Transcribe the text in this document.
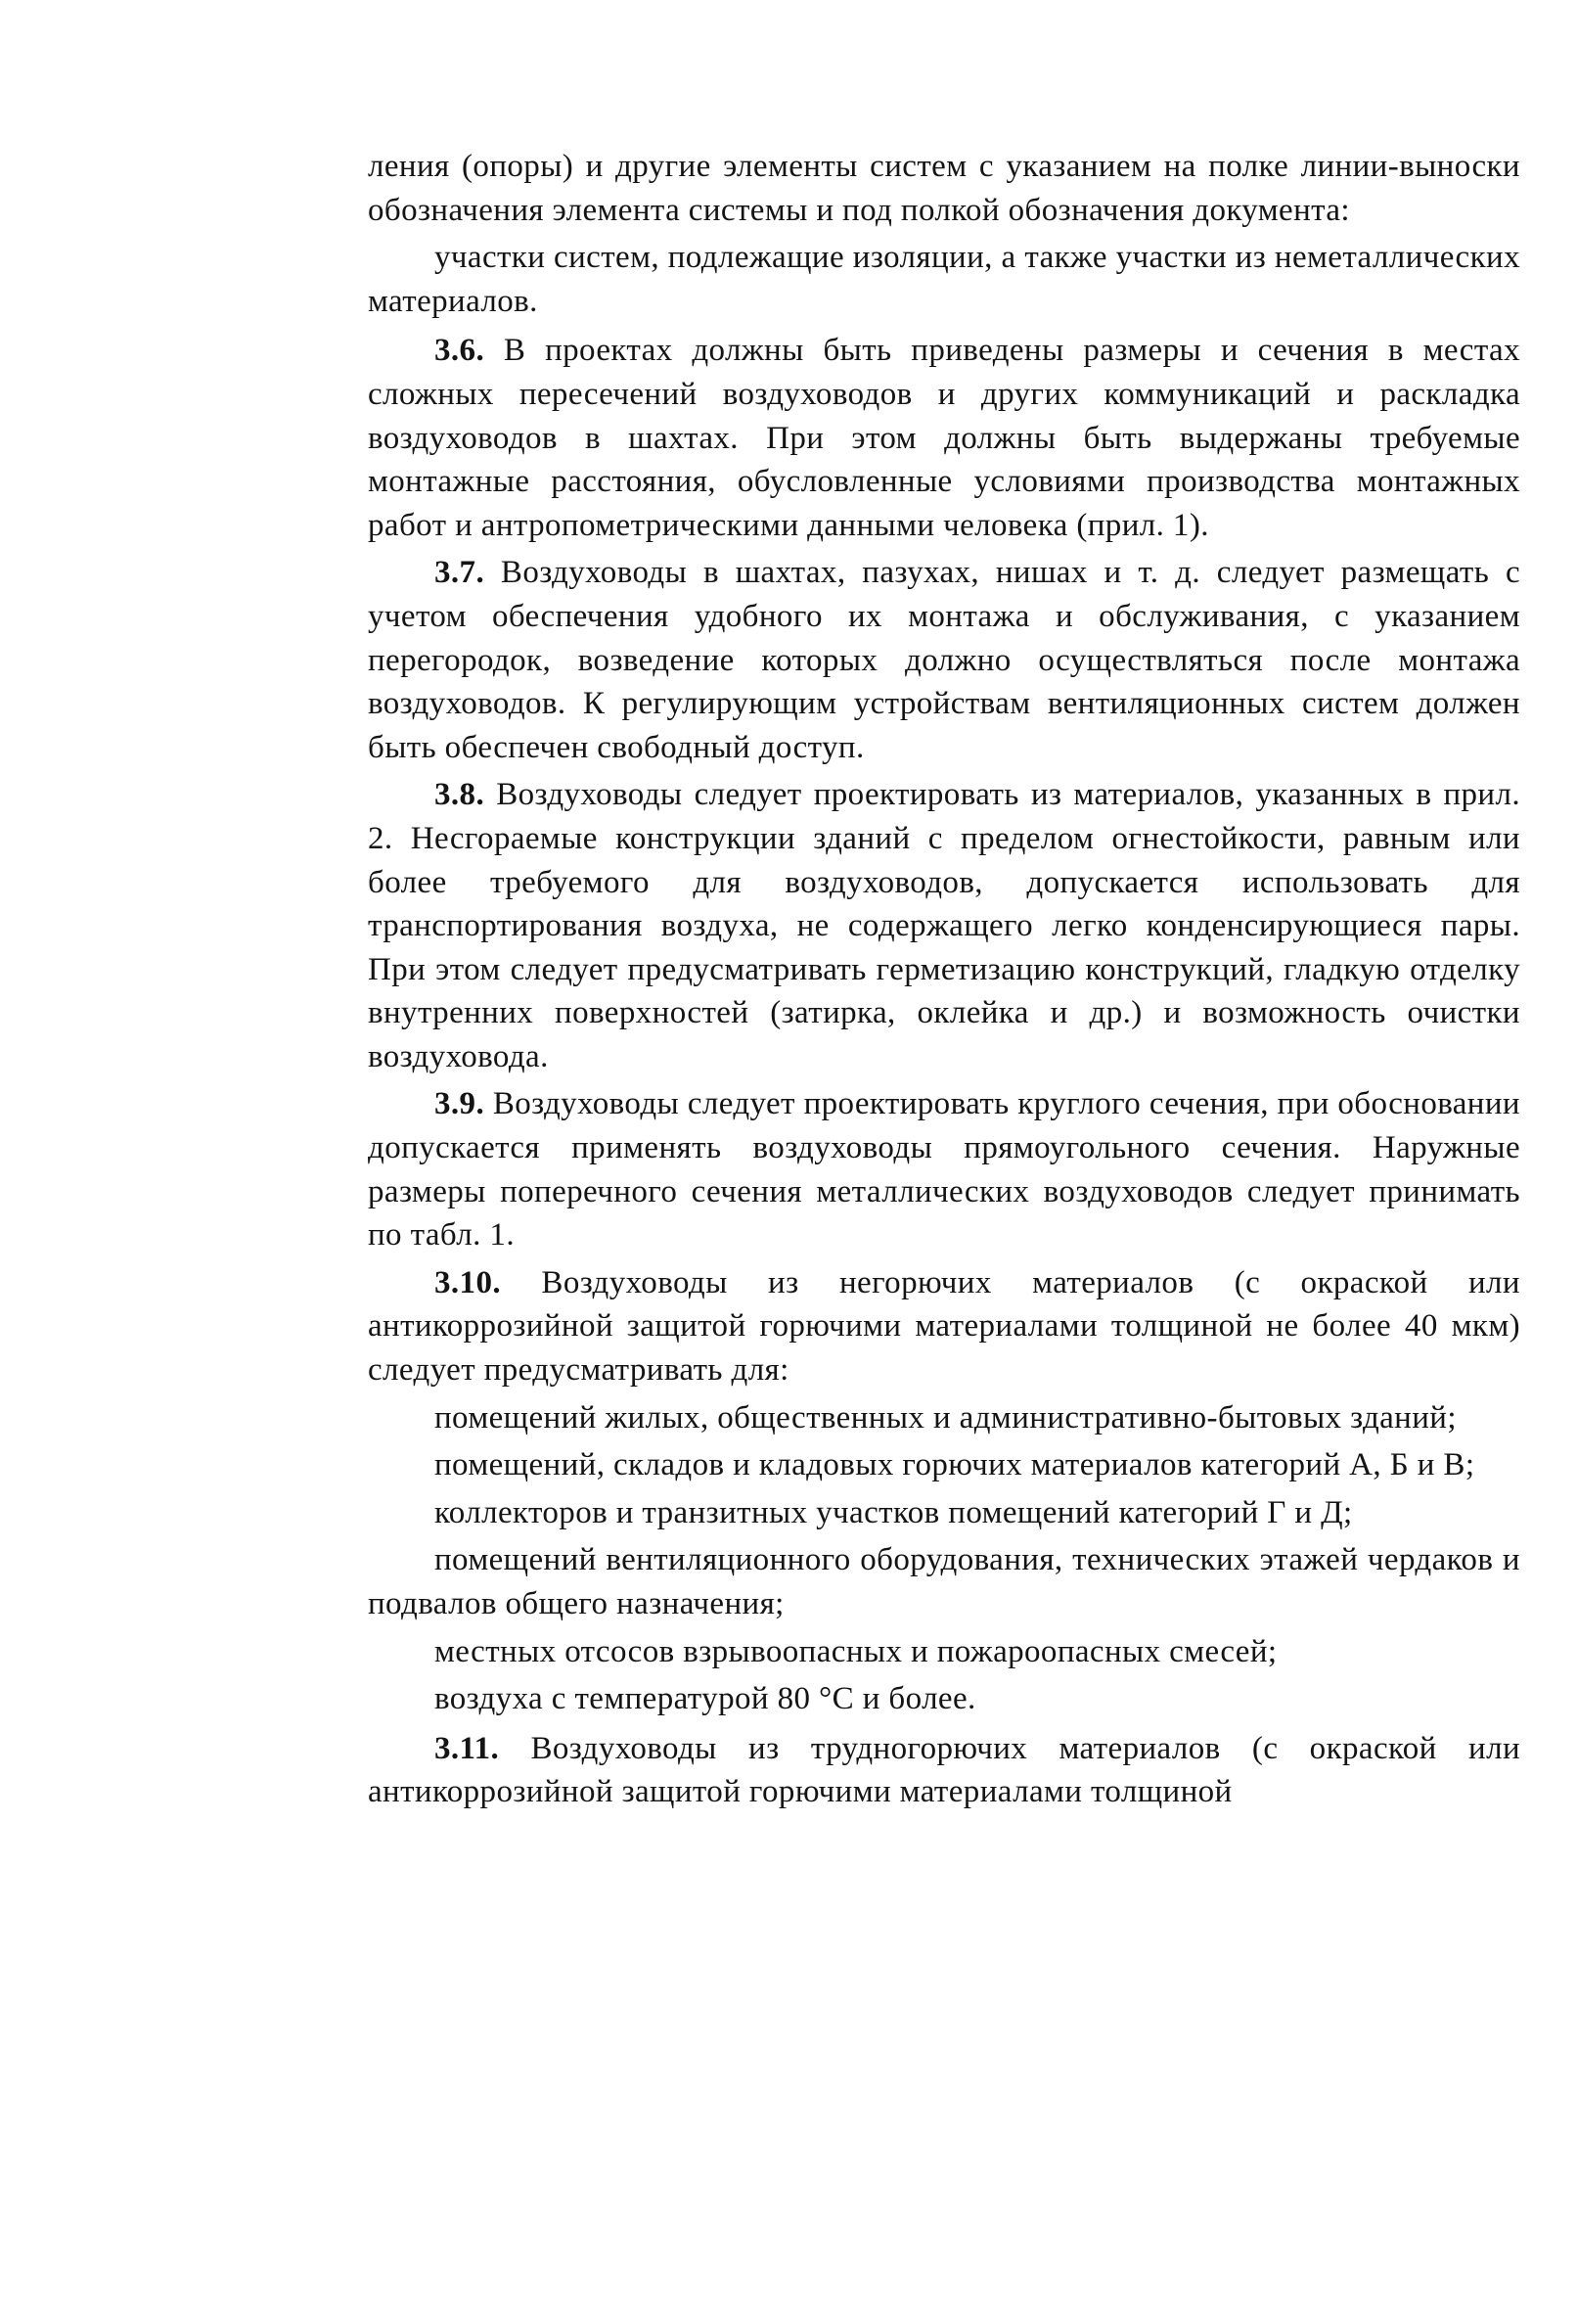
ления (опоры) и другие элементы систем с указанием на полке линии-выноски обозначения элемента системы и под полкой обозначения документа:

участки систем, подлежащие изоляции, а также участки из неметаллических материалов.

3.6. В проектах должны быть приведены размеры и сечения в местах сложных пересечений воздуховодов и других коммуникаций и раскладка воздуховодов в шахтах. При этом должны быть выдержаны требуемые монтажные расстояния, обусловленные условиями производства монтажных работ и антропометрическими данными человека (прил. 1).

3.7. Воздуховоды в шахтах, пазухах, нишах и т. д. следует размещать с учетом обеспечения удобного их монтажа и обслуживания, с указанием перегородок, возведение которых должно осуществляться после монтажа воздуховодов. К регулирующим устройствам вентиляционных систем должен быть обеспечен свободный доступ.

3.8. Воздуховоды следует проектировать из материалов, указанных в прил. 2. Несгораемые конструкции зданий с пределом огнестойкости, равным или более требуемого для воздуховодов, допускается использовать для транспортирования воздуха, не содержащего легко конденсирующиеся пары. При этом следует предусматривать герметизацию конструкций, гладкую отделку внутренних поверхностей (затирка, оклейка и др.) и возможность очистки воздуховода.

3.9. Воздуховоды следует проектировать круглого сечения, при обосновании допускается применять воздуховоды прямоугольного сечения. Наружные размеры поперечного сечения металлических воздуховодов следует принимать по табл. 1.

3.10. Воздуховоды из негорючих материалов (с окраской или антикоррозийной защитой горючими материалами толщиной не более 40 мкм) следует предусматривать для:

помещений жилых, общественных и административно-бытовых зданий;

помещений, складов и кладовых горючих материалов категорий А, Б и В;

коллекторов и транзитных участков помещений категорий Г и Д;

помещений вентиляционного оборудования, технических этажей чердаков и подвалов общего назначения;

местных отсосов взрывоопасных и пожароопасных смесей;

воздуха с температурой 80 °С и более.

3.11. Воздуховоды из трудногорючих материалов (с окраской или антикоррозийной защитой горючими материалами толщиной
